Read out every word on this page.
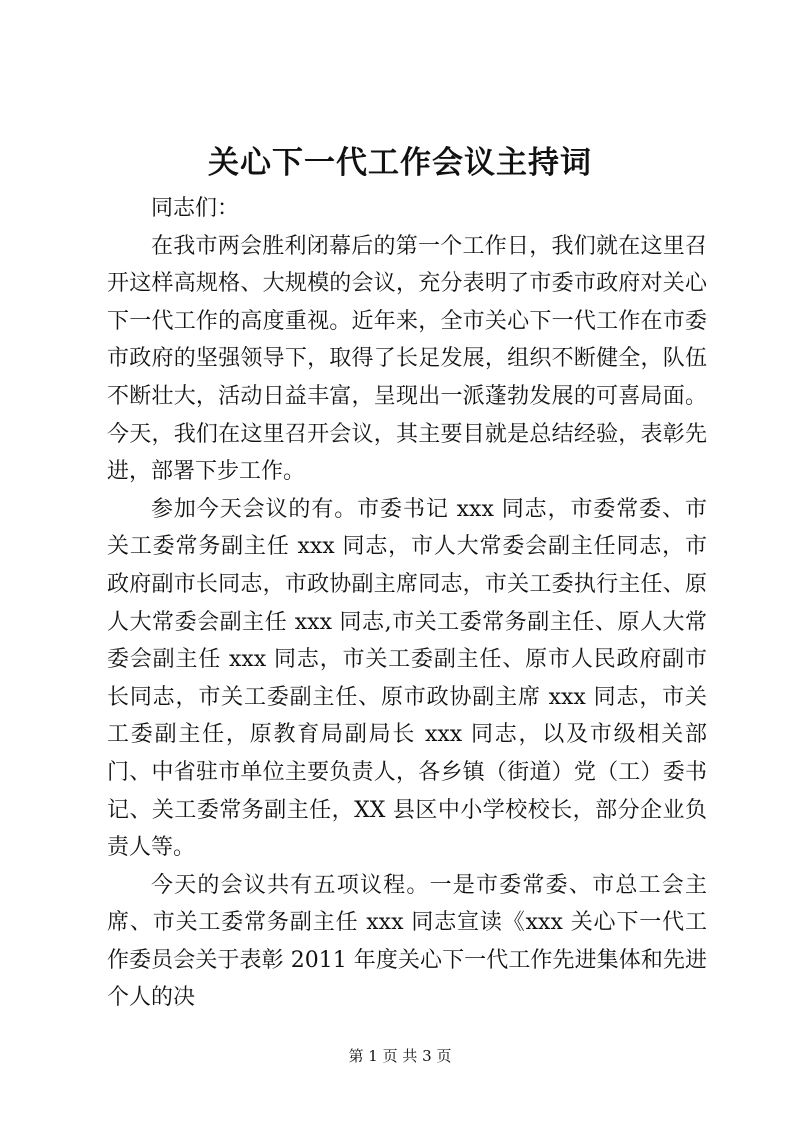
关心下一代工作会议主持词

同志们：

在我市两会胜利闭幕后的第一个工作日，我们就在这里召开这样高规格、大规模的会议，充分表明了市委市政府对关心下一代工作的高度重视。近年来，全市关心下一代工作在市委市政府的坚强领导下，取得了长足发展，组织不断健全，队伍不断壮大，活动日益丰富，呈现出一派蓬勃发展的可喜局面。今天，我们在这里召开会议，其主要目就是总结经验，表彰先进，部署下步工作。

参加今天会议的有。市委书记 xxx 同志，市委常委、市关工委常务副主任 xxx 同志，市人大常委会副主任同志，市政府副市长同志，市政协副主席同志，市关工委执行主任、原人大常委会副主任 xxx 同志,市关工委常务副主任、原人大常委会副主任 xxx 同志，市关工委副主任、原市人民政府副市长同志，市关工委副主任、原市政协副主席 xxx 同志，市关工委副主任，原教育局副局长 xxx 同志，以及市级相关部门、中省驻市单位主要负责人，各乡镇（街道）党（工）委书记、关工委常务副主任，XX 县区中小学校校长，部分企业负责人等。

今天的会议共有五项议程。一是市委常委、市总工会主席、市关工委常务副主任 xxx 同志宣读《xxx 关心下一代工作委员会关于表彰 2011 年度关心下一代工作先进集体和先进个人的决

第 1 页 共 3 页
